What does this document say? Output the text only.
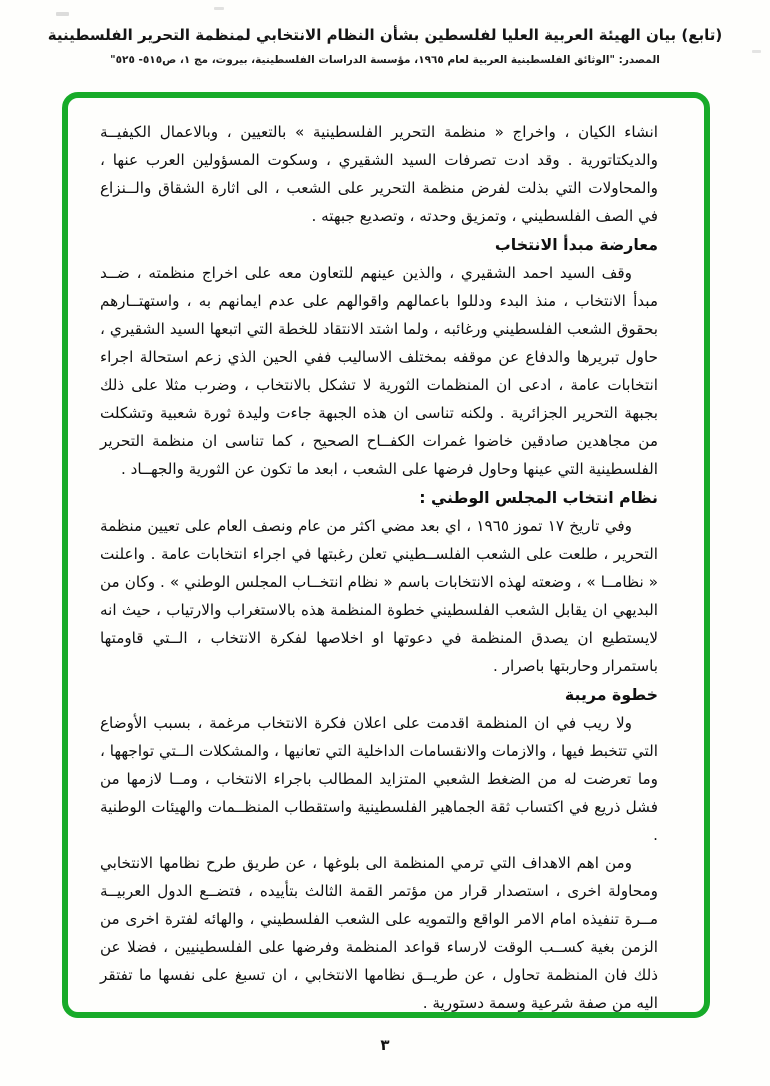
(تابع) بيان الهيئة العربية العليا لفلسطين بشأن النظام الانتخابي لمنظمة التحرير الفلسطينية
المصدر: "الوثائق الفلسطينية العربية لعام ١٩٦٥، مؤسسة الدراسات الفلسطينية، بيروت، مج ١، ص٥١٥- ٥٢٥"

انشاء الكيان ، واخراج « منظمة التحرير الفلسطينية » بالتعيين ، وبالاعمال الكيفيــة والديكتاتورية . وقد ادت تصرفات السيد الشقيري ، وسكوت المسؤولين العرب عنها ، والمحاولات التي بذلت لفرض منظمة التحرير على الشعب ، الى اثارة الشقاق والــنزاع في الصف الفلسطيني ، وتمزيق وحدته ، وتصديع جبهته .

معارضة مبدأ الانتخاب

وقف السيد احمد الشقيري ، والذين عينهم للتعاون معه على اخراج منظمته ، ضــد مبدأ الانتخاب ، منذ البدء ودللوا باعمالهم واقوالهم على عدم ايمانهم به ، واستهتــارهم بحقوق الشعب الفلسطيني ورغائبه ، ولما اشتد الانتقاد للخطة التي اتبعها السيد الشقيري ، حاول تبريرها والدفاع عن موقفه بمختلف الاساليب ففي الحين الذي زعم استحالة اجراء انتخابات عامة ، ادعى ان المنظمات الثورية لا تشكل بالانتخاب ، وضرب مثلا على ذلك بجبهة التحرير الجزائرية . ولكنه تناسى ان هذه الجبهة جاءت وليدة ثورة شعبية وتشكلت من مجاهدين صادقين خاضوا غمرات الكفــاح الصحيح ، كما تناسى ان منظمة التحرير الفلسطينية التي عينها وحاول فرضها على الشعب ، ابعد ما تكون عن الثورية والجهــاد .

نظام انتخاب المجلس الوطني :

وفي تاريخ ١٧ تموز ١٩٦٥ ، اي بعد مضي اكثر من عام ونصف العام على تعيين منظمة التحرير ، طلعت على الشعب الفلســطيني تعلن رغبتها في اجراء انتخابات عامة . واعلنت « نظامــا » ، وضعته لهذه الانتخابات باسم « نظام انتخــاب المجلس الوطني » . وكان من البديهي ان يقابل الشعب الفلسطيني خطوة المنظمة هذه بالاستغراب والارتياب ، حيث انه لايستطيع ان يصدق المنظمة في دعوتها او اخلاصها لفكرة الانتخاب ، الــتي قاومتها باستمرار وحاربتها باصرار .

خطوة مريبة

ولا ريب في ان المنظمة اقدمت على اعلان فكرة الانتخاب مرغمة ، بسبب الأوضاع التي تتخبط فيها ، والازمات والانقسامات الداخلية التي تعانيها ، والمشكلات الــتي تواجهها ، وما تعرضت له من الضغط الشعبي المتزايد المطالب باجراء الانتخاب ، ومــا لازمها من فشل ذريع في اكتساب ثقة الجماهير الفلسطينية واستقطاب المنظــمات والهيئات الوطنية .

ومن اهم الاهداف التي ترمي المنظمة الى بلوغها ، عن طريق طرح نظامها الانتخابي ومحاولة اخرى ، استصدار قرار من مؤتمر القمة الثالث بتأييده ، فتضــع الدول العربيــة مــرة تنفيذه امام الامر الواقع والتمويه على الشعب الفلسطيني ، والهائه لفترة اخرى من الزمن بغية كســب الوقت لارساء قواعد المنظمة وفرضها على الفلسطينيين ، فضلا عن ذلك فان المنظمة تحاول ، عن طريــق نظامها الانتخابي ، ان تسبغ على نفسها ما تفتقر اليه من صفة شرعية وسمة دستورية .

٣
